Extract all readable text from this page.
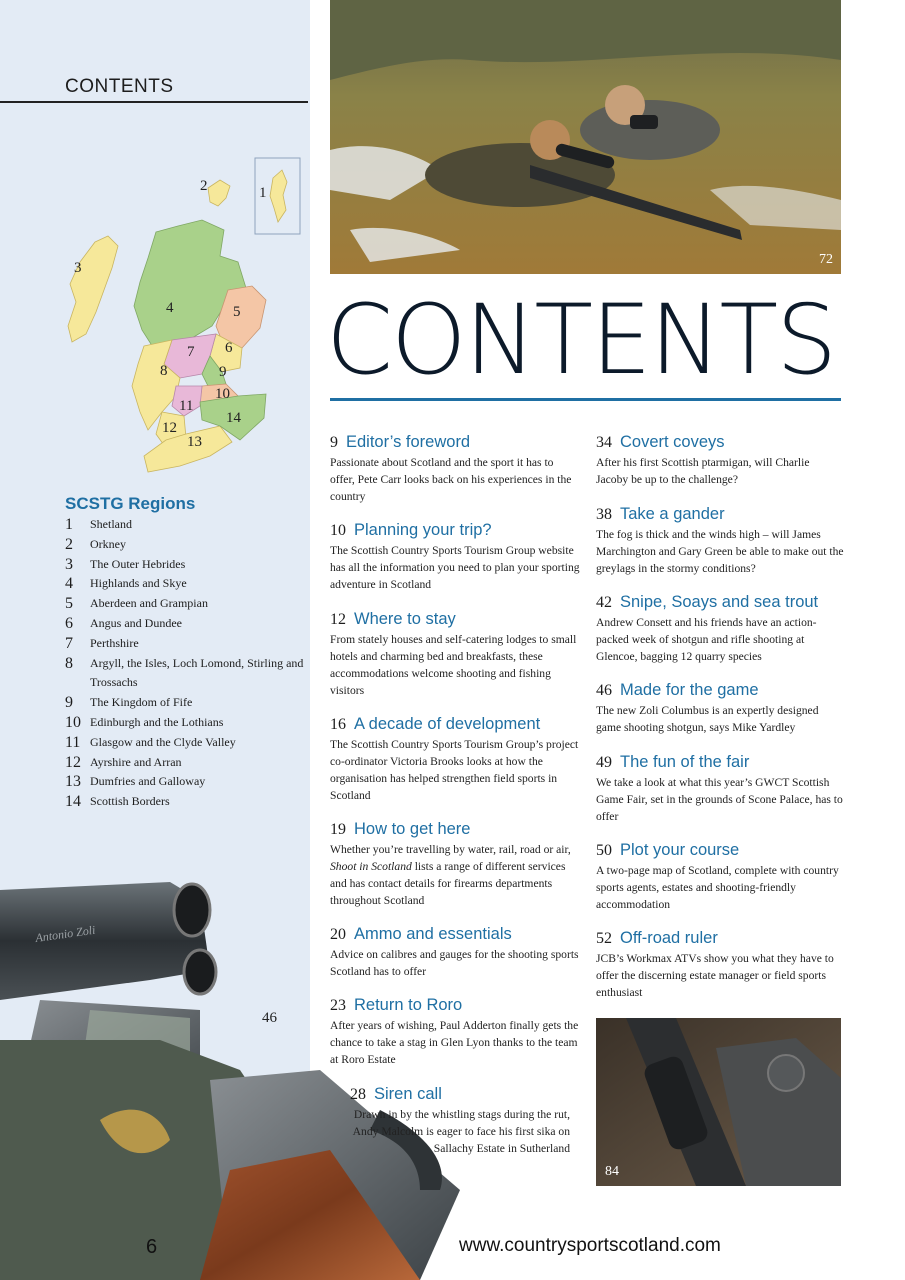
CONTENTS
1
2
3
4	5
6
7
8	9
10
11
12
13
14
SCSTG Regions
1	Shetland
2	Orkney
3	The Outer Hebrides
4	Highlands and Skye
5	Aberdeen and Grampian
6	Angus and Dundee
7	Perthshire
8	Argyll, the Isles, Loch Lomond, Stirling and Trossachs
9	The Kingdom of Fife
10 Edinburgh and the Lothians
11 Glasgow and the Clyde Valley
12 Ayrshire and Arran
13 Dumfries and Galloway
14 Scottish Borders
Antonio Zoli
46
72
CONTENTS
9 Editor’s foreword
Passionate about Scotland and the sport it has to offer, Pete Carr looks back on his experiences in the country
10 Planning your trip?
The Scottish Country Sports Tourism Group website has all the information you need to plan your sporting adventure in Scotland
12 Where to stay
From stately houses and self-catering lodges to small hotels and charming bed and breakfasts, these accommodations welcome shooting and fishing visitors
16 A decade of development
The Scottish Country Sports Tourism Group’s project co-ordinator Victoria Brooks looks at how the organisation has helped strengthen field sports in Scotland
19 How to get here
Whether you’re travelling by water, rail, road or air, Shoot in Scotland lists a range of different services and has contact details for firearms departments throughout Scotland
20 Ammo and essentials
Advice on calibres and gauges for the shooting sports Scotland has to offer
23 Return to Roro
After years of wishing, Paul Adderton finally gets the chance to take a stag in Glen Lyon thanks to the team at Roro Estate
28 Siren call
Drawn in by the whistling stags during the rut, Andy Malcolm is eager to face his first sika on Sallachy Estate in Sutherland
34 Covert coveys
After his first Scottish ptarmigan, will Charlie Jacoby be up to the challenge?
38 Take a gander
The fog is thick and the winds high – will James Marchington and Gary Green be able to make out the greylags in the stormy conditions?
42 Snipe, Soays and sea trout
Andrew Consett and his friends have an action-packed week of shotgun and rifle shooting at Glencoe, bagging 12 quarry species
46 Made for the game
The new Zoli Columbus is an expertly designed game shooting shotgun, says Mike Yardley
49 The fun of the fair
We take a look at what this year’s GWCT Scottish Game Fair, set in the grounds of Scone Palace, has to offer
50 Plot your course
A two-page map of Scotland, complete with country sports agents, estates and shooting-friendly accommodation
52 Off-road ruler
JCB’s Workmax ATVs show you what they have to offer the discerning estate manager or field sports enthusiast
84
6	www.countrysportscotland.com
